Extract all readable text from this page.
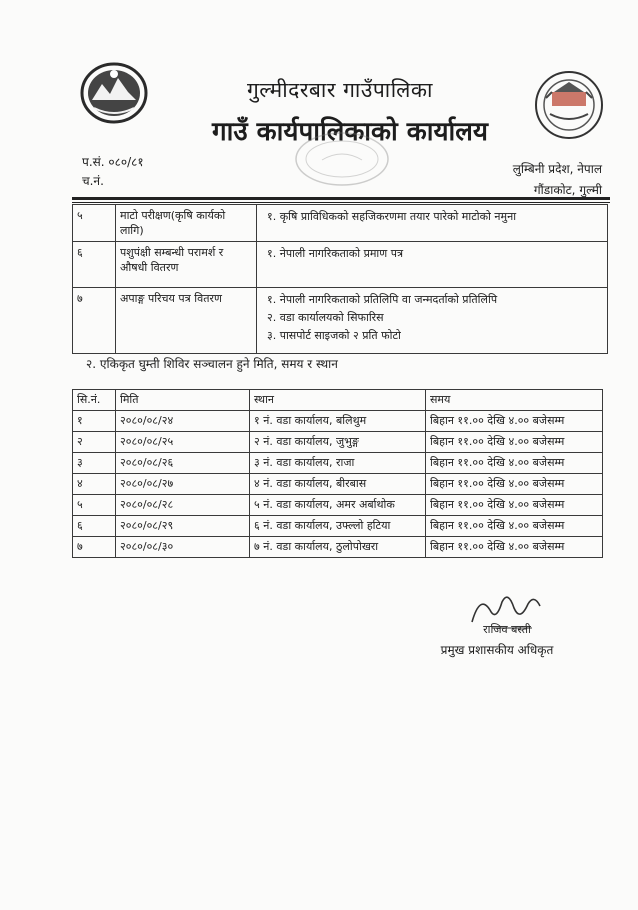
गुल्मीदरबार गाउँपालिका
गाउँ कार्यपालिकाको कार्यालय
प.सं. ०८०/८१
च.नं.
लुम्बिनी प्रदेश, नेपाल
गौंडाकोट, गुल्मी
५	माटो परीक्षण(कृषि कार्यको लागि)	१. कृषि प्राविधिकको सहजिकरणमा तयार पारेको माटोको नमुना

६	पशुपंक्षी सम्बन्धी परामर्श र औषधी वितरण	१. नेपाली नागरिकताको प्रमाण पत्र

७	अपाङ्ग परिचय पत्र वितरण	१. नेपाली नागरिकताको प्रतिलिपि वा जन्मदर्ताको प्रतिलिपि
२. वडा कार्यालयको सिफारिस
३. पासपोर्ट साइजको २ प्रति फोटो
२. एकिकृत घुम्ती शिविर सञ्चालन हुने मिति, समय र स्थान
सि.नं.	मिति	स्थान	समय
१	२०८०/०८/२४	१ नं. वडा कार्यालय, बलिथुम	बिहान ११.०० देखि ४.०० बजेसम्म
२	२०८०/०८/२५	२ नं. वडा कार्यालय, जुभुङ्ग	बिहान ११.०० देखि ४.०० बजेसम्म
३	२०८०/०८/२६	३ नं. वडा कार्यालय, राजा	बिहान ११.०० देखि ४.०० बजेसम्म
४	२०८०/०८/२७	४ नं. वडा कार्यालय, बीरबास	बिहान ११.०० देखि ४.०० बजेसम्म
५	२०८०/०८/२८	५ नं. वडा कार्यालय, अमर अर्बाथोक	बिहान ११.०० देखि ४.०० बजेसम्म
६	२०८०/०८/२९	६ नं. वडा कार्यालय, उफ्ल्लो हटिया	बिहान ११.०० देखि ४.०० बजेसम्म
७	२०८०/०८/३०	७ नं. वडा कार्यालय, ठुलोपोखरा	बिहान ११.०० देखि ४.०० बजेसम्म
राजिव बस्ती
प्रमुख प्रशासकीय अधिकृत
